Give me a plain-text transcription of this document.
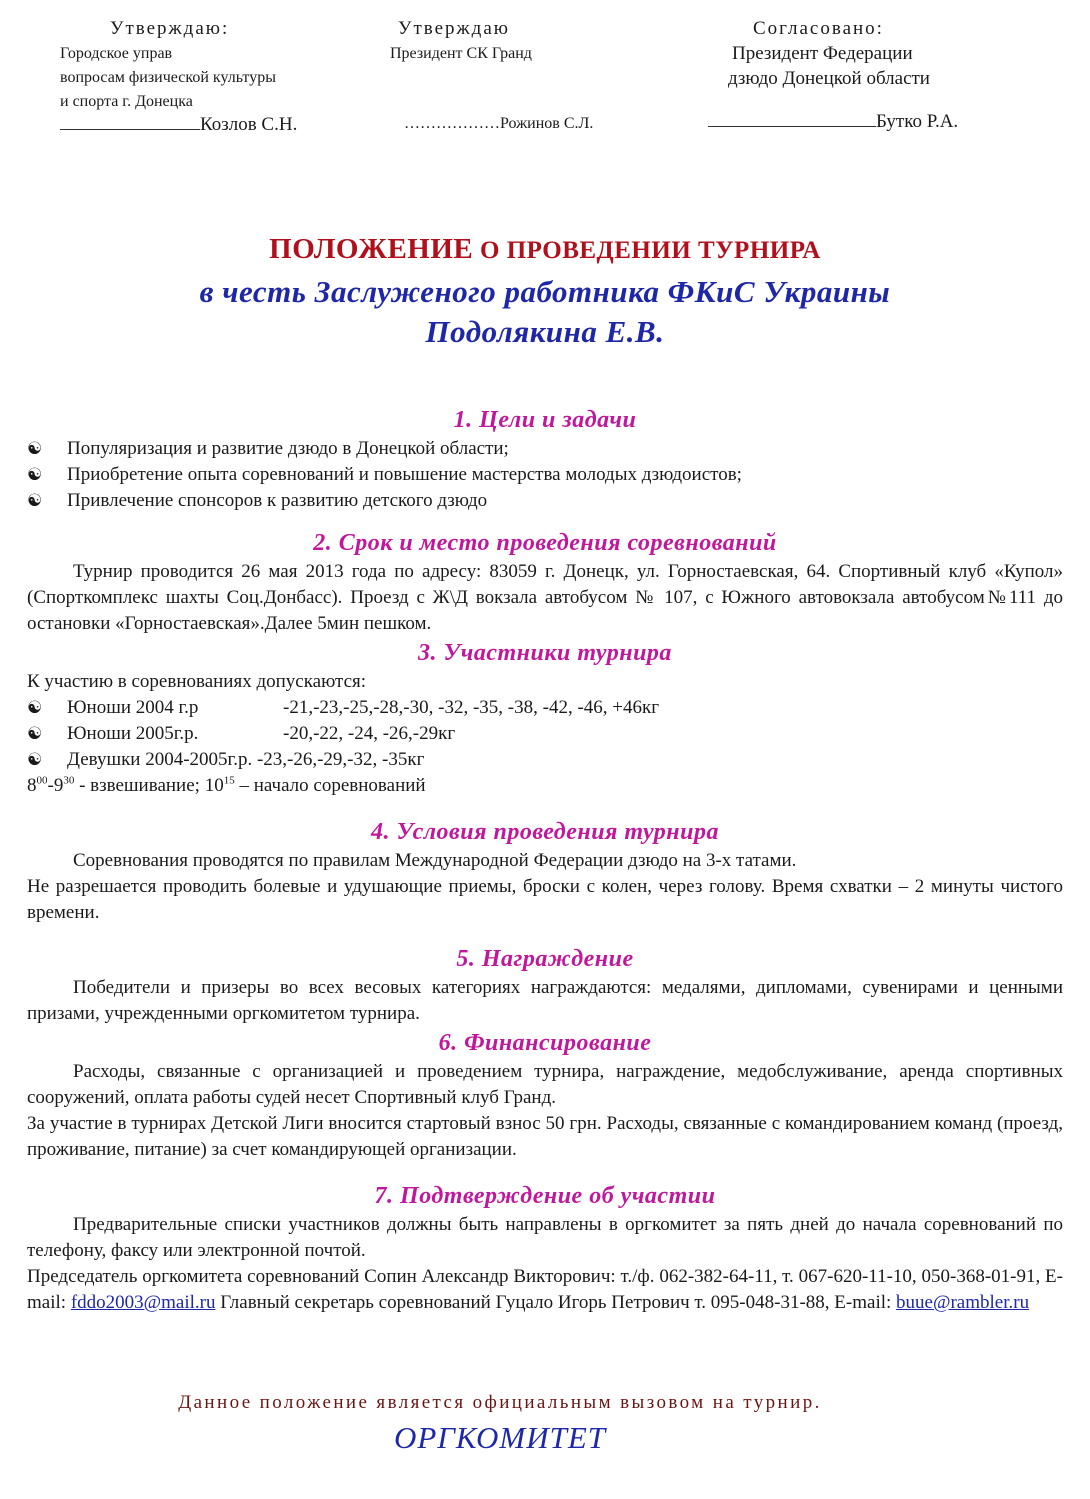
Утверждаю:
Городское управ
вопросам физической культуры
и спорта г. Донецка
Козлов С.Н.
Утверждаю
Президент СК Гранд
………………Рожинов С.Л.
Согласовано:
Президент Федерации
дзюдо Донецкой области
Бутко Р.А.
ПОЛОЖЕНИЕ О ПРОВЕДЕНИИ ТУРНИРА
в честь Заслуженого работника ФКиС Украины
Подолякина Е.В.
1. Цели и задачи
☯ Популяризация и развитие дзюдо в Донецкой области;
☯ Приобретение опыта соревнований и повышение мастерства молодых дзюдоистов;
☯ Привлечение спонсоров к развитию детского дзюдо
2. Срок и место проведения соревнований

Турнир проводится 26 мая 2013 года по адресу: 83059 г. Донецк, ул. Горностаевская, 64. Спортивный клуб «Купол» (Спорткомплекс шахты Соц.Донбасс). Проезд с Ж\Д вокзала автобусом № 107, с Южного автовокзала автобусом№111 до остановки «Горностаевская».Далее 5мин пешком.

3. Участники турнира

К участию в соревнованиях допускаются:

☯ Юноши 2004 г.р	-21,-23,-25,-28,-30, -32, -35, -38, -42, -46, +46кг
☯ Юноши 2005г.р.	-20,-22, -24, -26,-29кг
☯ Девушки 2004-2005г.р. -23,-26,-29,-32, -35кг

$8^{00}-9^{30}$ - взвешивание; $10^{15}$ – начало соревнований

4. Условия проведения турнира

Соревнования проводятся по правилам Международной Федерации дзюдо на 3-х татами.

Не разрешается проводить болевые и удушающие приемы, броски с колен, через голову. Время схватки – 2 минуты чистого времени.

5. Награждение

Победители и призеры во всех весовых категориях награждаются: медалями, дипломами, сувенирами и ценными призами, учрежденными оргкомитетом турнира.

6. Финансирование

Расходы, связанные с организацией и проведением турнира, награждение, медобслуживание, аренда спортивных сооружений, оплата работы судей несет Спортивный клуб Гранд.

За участие в турнирах Детской Лиги вносится стартовый взнос 50 грн. Расходы, связанные с командированием команд (проезд, проживание, питание) за счет командирующей организации.

7. Подтверждение об участии

Предварительные списки участников должны быть направлены в оргкомитет за пять дней до начала соревнований по телефону, факсу или электронной почтой.

Председатель оргкомитета соревнований Сопин Александр Викторович: т./ф. 062-382-64-11, т. 067-620-11-10, 050-368-01-91, E-mail: fddo2003@mail.ru Главный секретарь соревнований Гуцало Игорь Петрович т. 095-048-31-88, E-mail: buue@rambler.ru

Данное положение является официальным вызовом на турнир.
ОРГКОМИТЕТ
